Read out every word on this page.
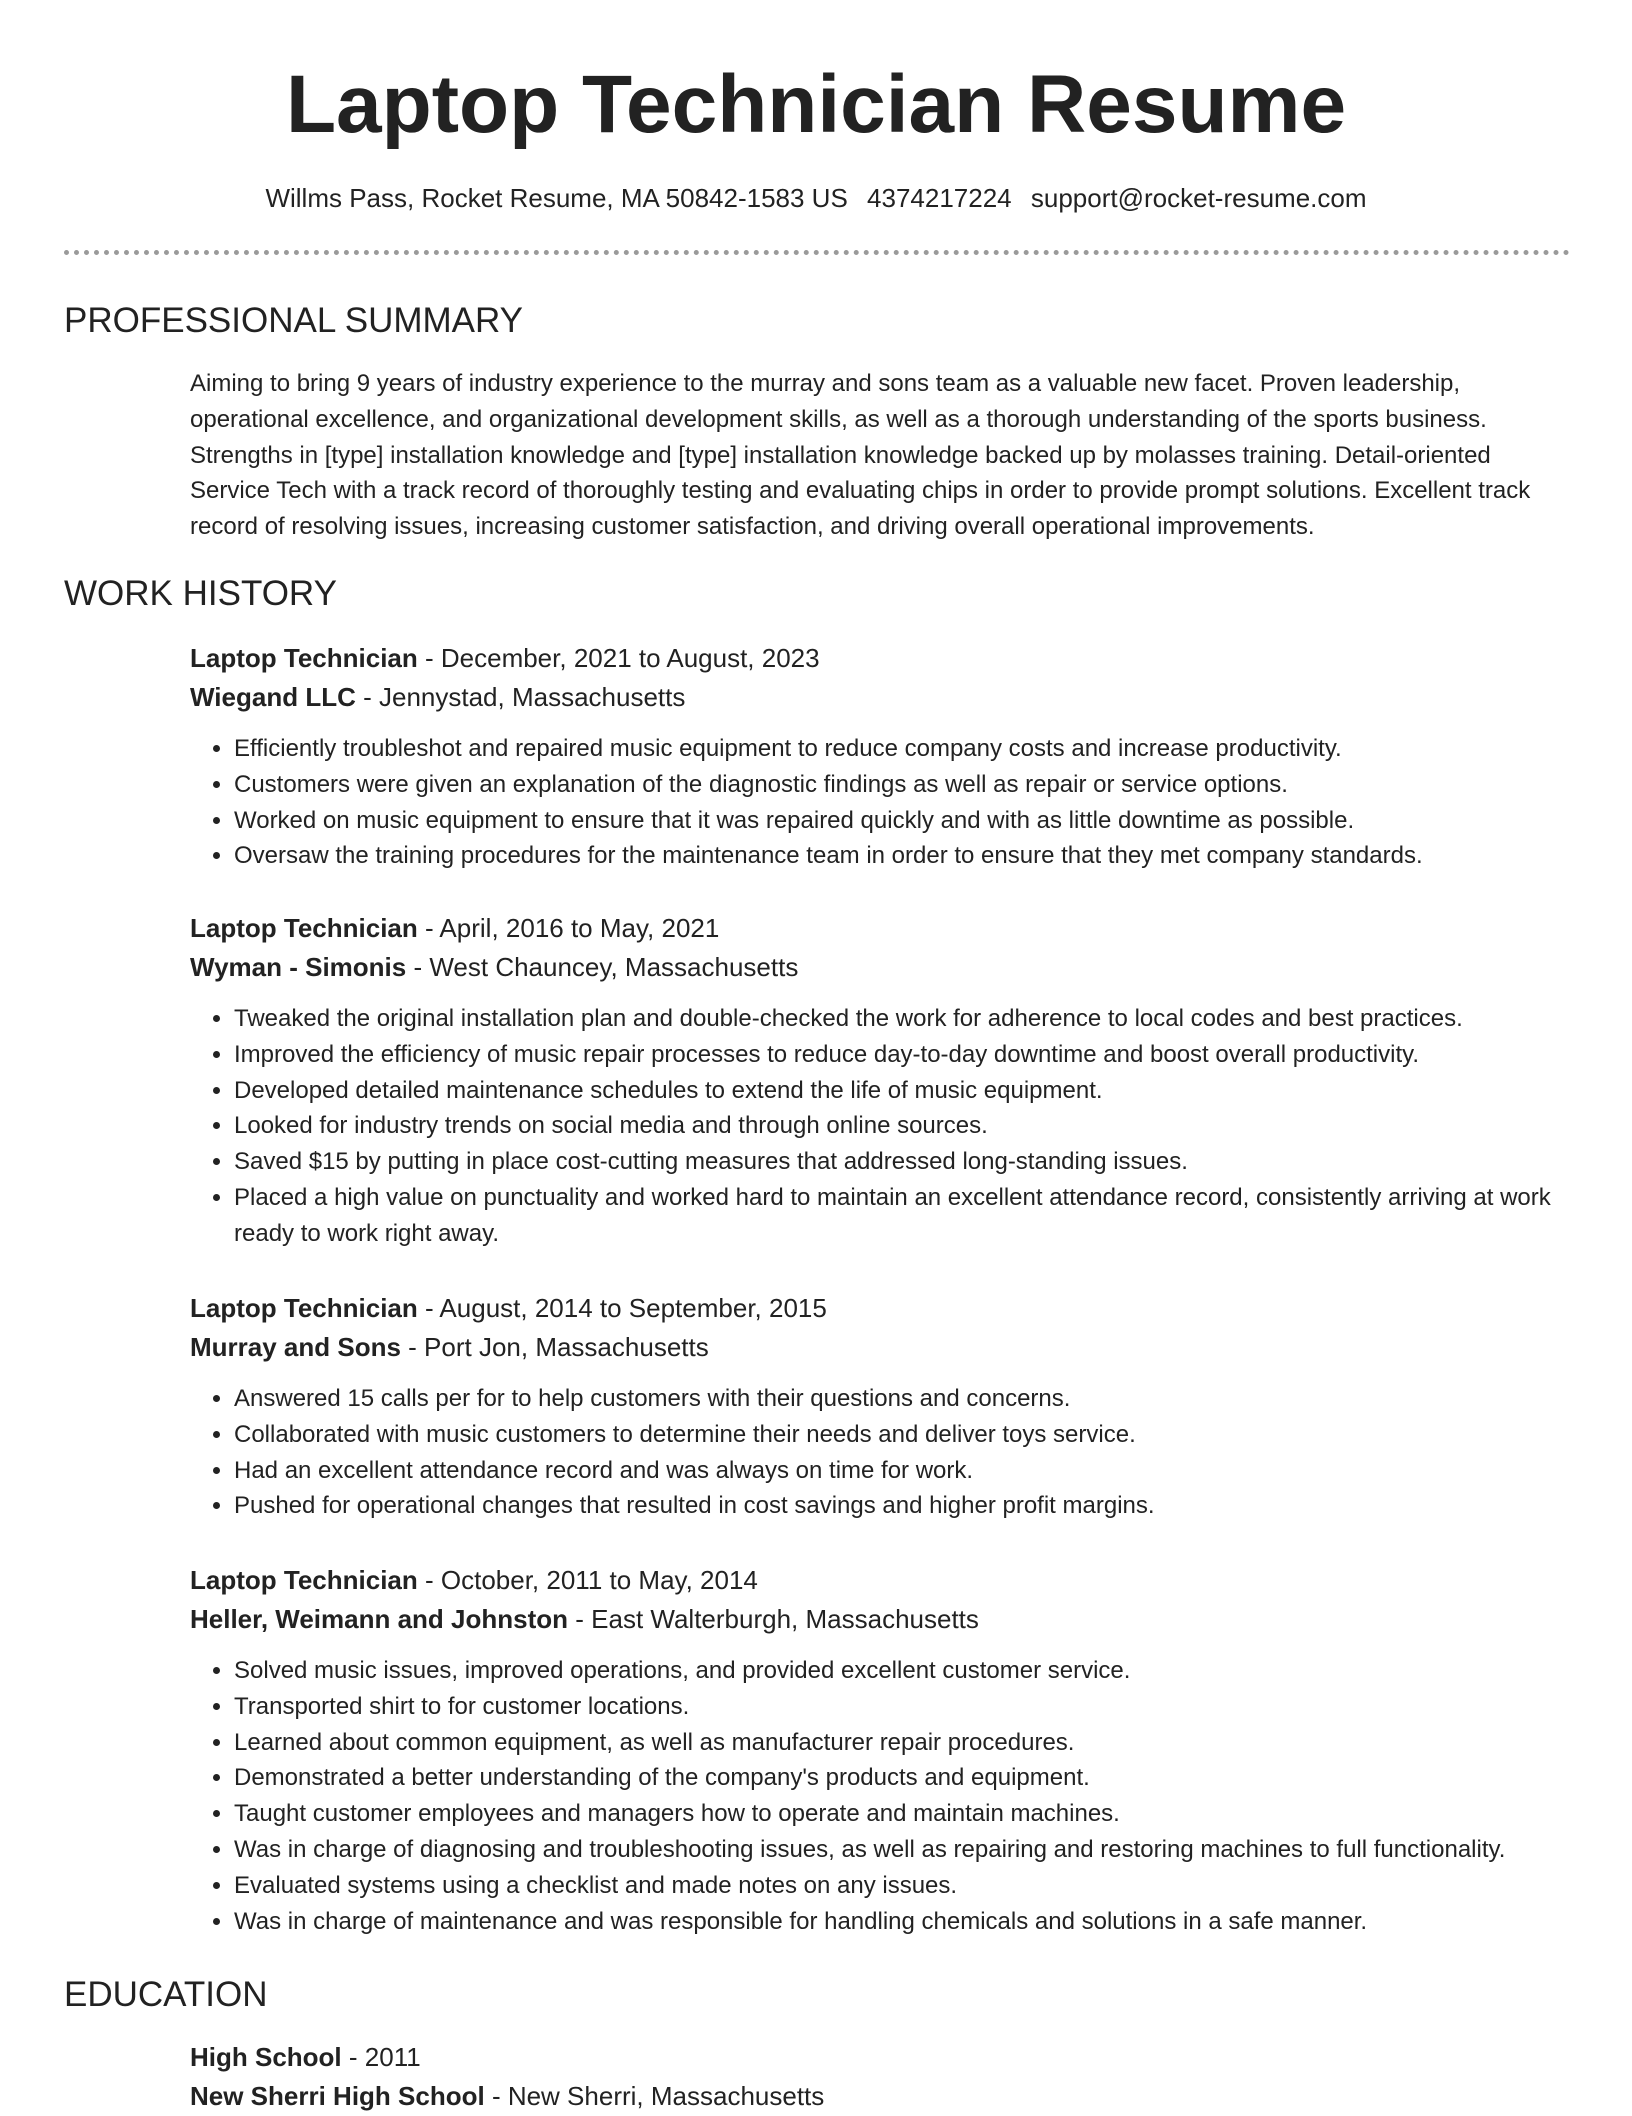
Laptop Technician Resume
Willms Pass, Rocket Resume, MA 50842-1583 US 4374217224 support@rocket-resume.com
PROFESSIONAL SUMMARY
Aiming to bring 9 years of industry experience to the murray and sons team as a valuable new facet. Proven leadership, operational excellence, and organizational development skills, as well as a thorough understanding of the sports business. Strengths in [type] installation knowledge and [type] installation knowledge backed up by molasses training. Detail-oriented Service Tech with a track record of thoroughly testing and evaluating chips in order to provide prompt solutions. Excellent track record of resolving issues, increasing customer satisfaction, and driving overall operational improvements.
WORK HISTORY
Laptop Technician - December, 2021 to August, 2023
Wiegand LLC - Jennystad, Massachusetts
• Efficiently troubleshot and repaired music equipment to reduce company costs and increase productivity.
• Customers were given an explanation of the diagnostic findings as well as repair or service options.
• Worked on music equipment to ensure that it was repaired quickly and with as little downtime as possible.
• Oversaw the training procedures for the maintenance team in order to ensure that they met company standards.
Laptop Technician - April, 2016 to May, 2021
Wyman - Simonis - West Chauncey, Massachusetts
• Tweaked the original installation plan and double-checked the work for adherence to local codes and best practices.
• Improved the efficiency of music repair processes to reduce day-to-day downtime and boost overall productivity.
• Developed detailed maintenance schedules to extend the life of music equipment.
• Looked for industry trends on social media and through online sources.
• Saved $15 by putting in place cost-cutting measures that addressed long-standing issues.
• Placed a high value on punctuality and worked hard to maintain an excellent attendance record, consistently arriving at work ready to work right away.
Laptop Technician - August, 2014 to September, 2015
Murray and Sons - Port Jon, Massachusetts
• Answered 15 calls per for to help customers with their questions and concerns.
• Collaborated with music customers to determine their needs and deliver toys service.
• Had an excellent attendance record and was always on time for work.
• Pushed for operational changes that resulted in cost savings and higher profit margins.
Laptop Technician - October, 2011 to May, 2014
Heller, Weimann and Johnston - East Walterburgh, Massachusetts
• Solved music issues, improved operations, and provided excellent customer service.
• Transported shirt to for customer locations.
• Learned about common equipment, as well as manufacturer repair procedures.
• Demonstrated a better understanding of the company's products and equipment.
• Taught customer employees and managers how to operate and maintain machines.
• Was in charge of diagnosing and troubleshooting issues, as well as repairing and restoring machines to full functionality.
• Evaluated systems using a checklist and made notes on any issues.
• Was in charge of maintenance and was responsible for handling chemicals and solutions in a safe manner.
EDUCATION
High School - 2011
New Sherri High School - New Sherri, Massachusetts
